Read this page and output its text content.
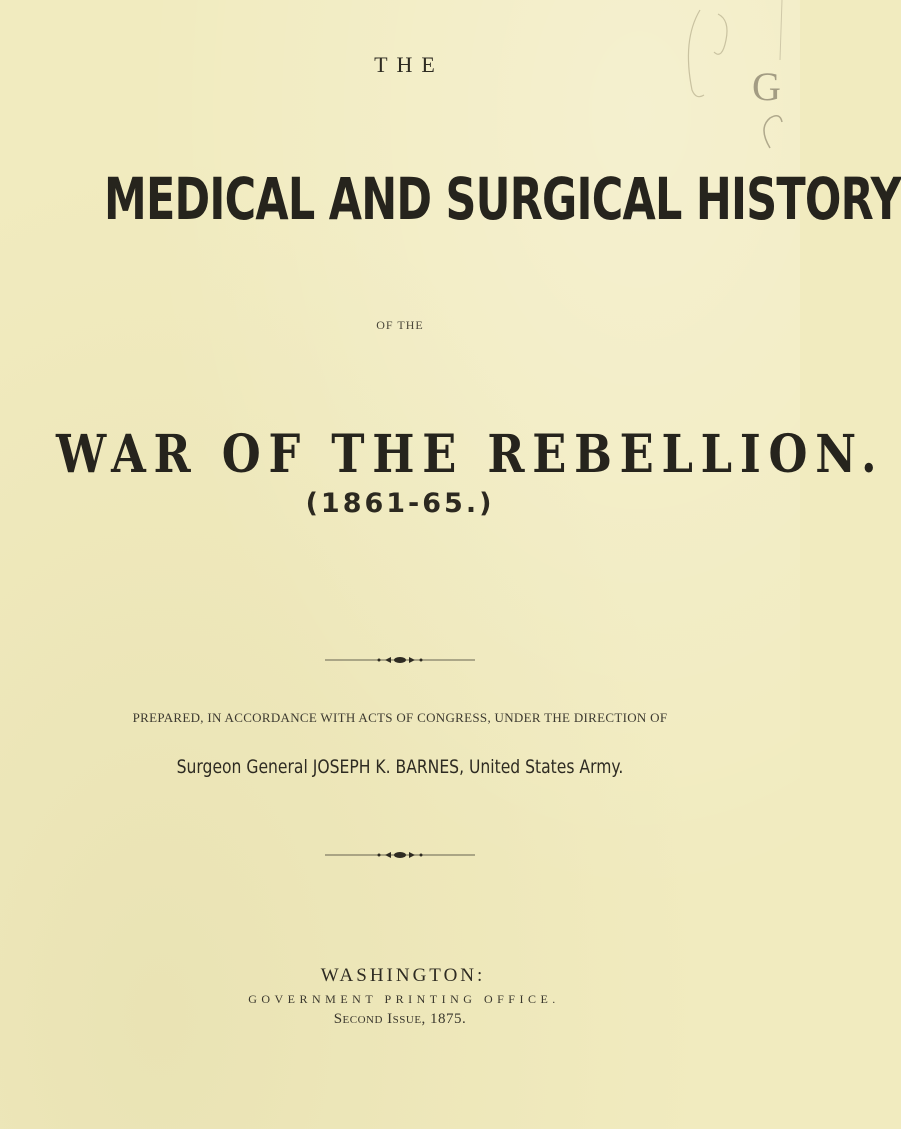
G
THE
MEDICAL AND SURGICAL HISTORY
OF THE
WAR OF THE REBELLION.
(1861-65.)
PREPARED, IN ACCORDANCE WITH ACTS OF CONGRESS, UNDER THE DIRECTION OF
Surgeon General JOSEPH K. BARNES, United States Army.
WASHINGTON:
GOVERNMENT PRINTING OFFICE.
Second Issue, 1875.
